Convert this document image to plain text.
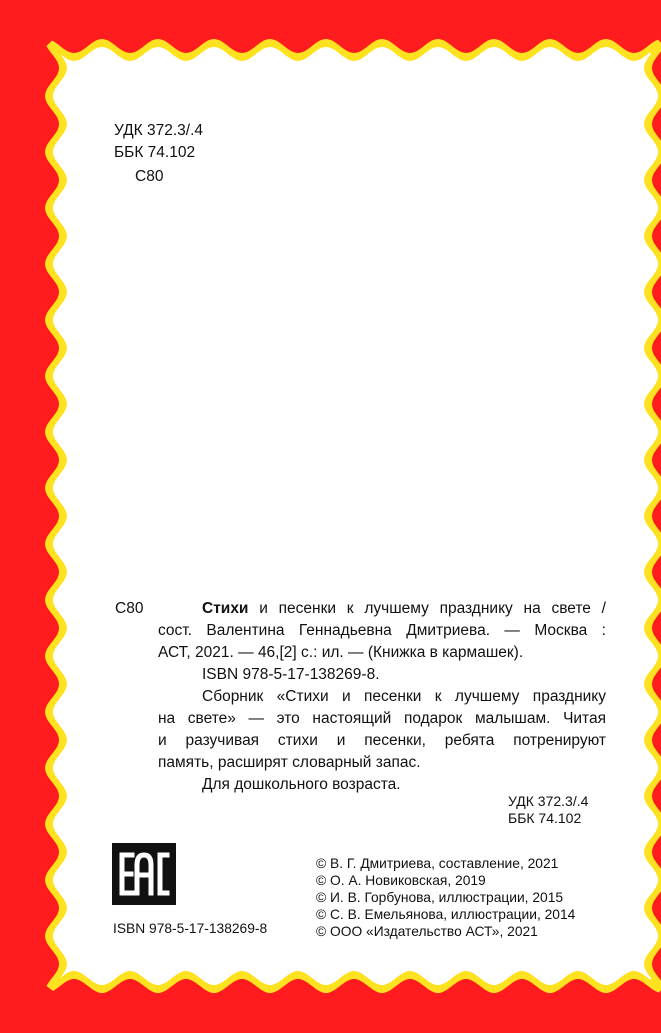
УДК 372.3/.4
ББК 74.102
С80
С80	Стихи и песенки к лучшему празднику на свете /
сост. Валентина Геннадьевна Дмитриева. — Москва :
АСТ, 2021. — 46,[2] с.: ил. — (Книжка в кармашек).
ISBN 978-5-17-138269-8.
Сборник «Стихи и песенки к лучшему празднику
на свете» — это настоящий подарок малышам. Читая
и разучивая стихи и песенки, ребята потренируют
память, расширят словарный запас.
Для дошкольного возраста.
УДК 372.3/.4
ББК 74.102
ISBN 978-5-17-138269-8
© В. Г. Дмитриева, составление, 2021
© О. А. Новиковская, 2019
© И. В. Горбунова, иллюстрации, 2015
© С. В. Емельянова, иллюстрации, 2014
© ООО «Издательство АСТ», 2021
